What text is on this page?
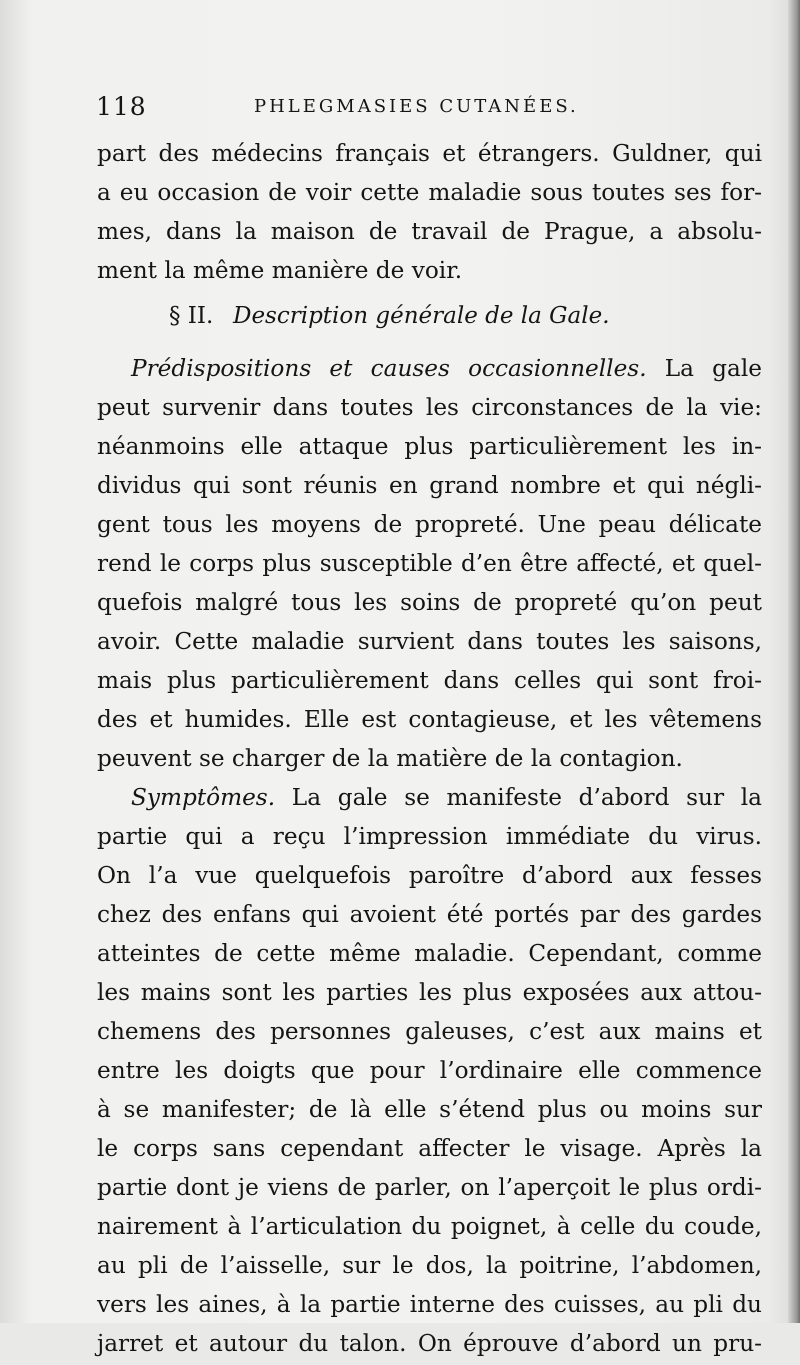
118	PHLEGMASIES CUTANÉES.
part des médecins français et étrangers. Guldner, qui
a eu occasion de voir cette maladie sous toutes ses for-
mes, dans la maison de travail de Prague, a absolu-
ment la même manière de voir.
§ II. Description générale de la Gale.
Prédispositions et causes occasionnelles. La gale
peut survenir dans toutes les circonstances de la vie:
néanmoins elle attaque plus particulièrement les in-
dividus qui sont réunis en grand nombre et qui négli-
gent tous les moyens de propreté. Une peau délicate
rend le corps plus susceptible d’en être affecté, et quel-
quefois malgré tous les soins de propreté qu’on peut
avoir. Cette maladie survient dans toutes les saisons,
mais plus particulièrement dans celles qui sont froi-
des et humides. Elle est contagieuse, et les vêtemens
peuvent se charger de la matière de la contagion.
Symptômes. La gale se manifeste d’abord sur la
partie qui a reçu l’impression immédiate du virus.
On l’a vue quelquefois paroître d’abord aux fesses
chez des enfans qui avoient été portés par des gardes
atteintes de cette même maladie. Cependant, comme
les mains sont les parties les plus exposées aux attou-
chemens des personnes galeuses, c’est aux mains et
entre les doigts que pour l’ordinaire elle commence
à se manifester; de là elle s’étend plus ou moins sur
le corps sans cependant affecter le visage. Après la
partie dont je viens de parler, on l’aperçoit le plus ordi-
nairement à l’articulation du poignet, à celle du coude,
au pli de l’aisselle, sur le dos, la poitrine, l’abdomen,
vers les aines, à la partie interne des cuisses, au pli du
jarret et autour du talon. On éprouve d’abord un pru-
